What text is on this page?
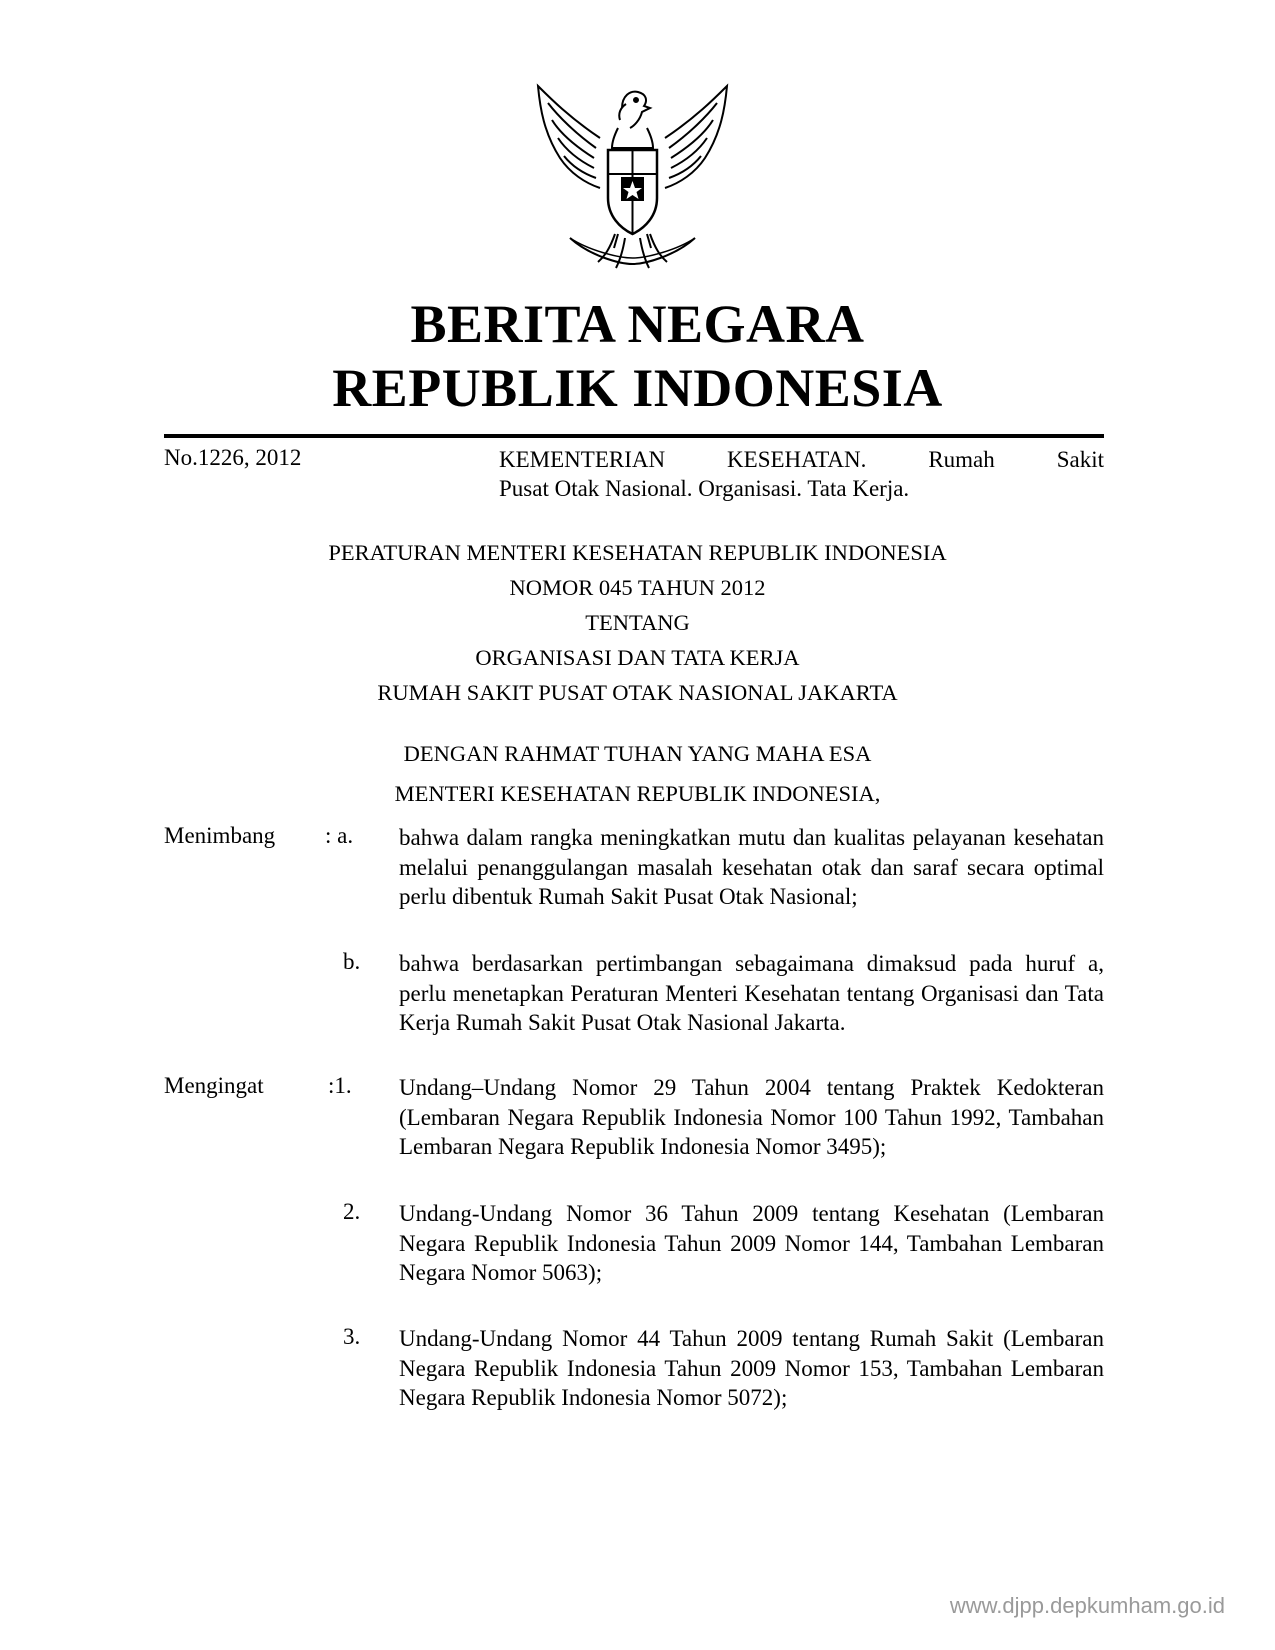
BERITA NEGARA
REPUBLIK INDONESIA
No.1226, 2012	KEMENTERIAN KESEHATAN. Rumah Sakit
Pusat Otak Nasional. Organisasi. Tata Kerja.
PERATURAN MENTERI KESEHATAN REPUBLIK INDONESIA
NOMOR 045 TAHUN 2012
TENTANG
ORGANISASI DAN TATA KERJA
RUMAH SAKIT PUSAT OTAK NASIONAL JAKARTA
DENGAN RAHMAT TUHAN YANG MAHA ESA
MENTERI KESEHATAN REPUBLIK INDONESIA,
Menimbang : a. bahwa dalam rangka meningkatkan mutu dan kualitas pelayanan kesehatan melalui penanggulangan masalah kesehatan otak dan saraf secara optimal perlu dibentuk Rumah Sakit Pusat Otak Nasional;
b. bahwa berdasarkan pertimbangan sebagaimana dimaksud pada huruf a, perlu menetapkan Peraturan Menteri Kesehatan tentang Organisasi dan Tata Kerja Rumah Sakit Pusat Otak Nasional Jakarta.
Mengingat	:1. Undang–Undang Nomor 29 Tahun 2004 tentang Praktek Kedokteran (Lembaran Negara Republik Indonesia Nomor 100 Tahun 1992, Tambahan Lembaran Negara Republik Indonesia Nomor 3495);
2. Undang-Undang Nomor 36 Tahun 2009 tentang Kesehatan (Lembaran Negara Republik Indonesia Tahun 2009 Nomor 144, Tambahan Lembaran Negara Nomor 5063);
3. Undang-Undang Nomor 44 Tahun 2009 tentang Rumah Sakit (Lembaran Negara Republik Indonesia Tahun 2009 Nomor 153, Tambahan Lembaran Negara Republik Indonesia Nomor 5072);
www.djpp.depkumham.go.id
